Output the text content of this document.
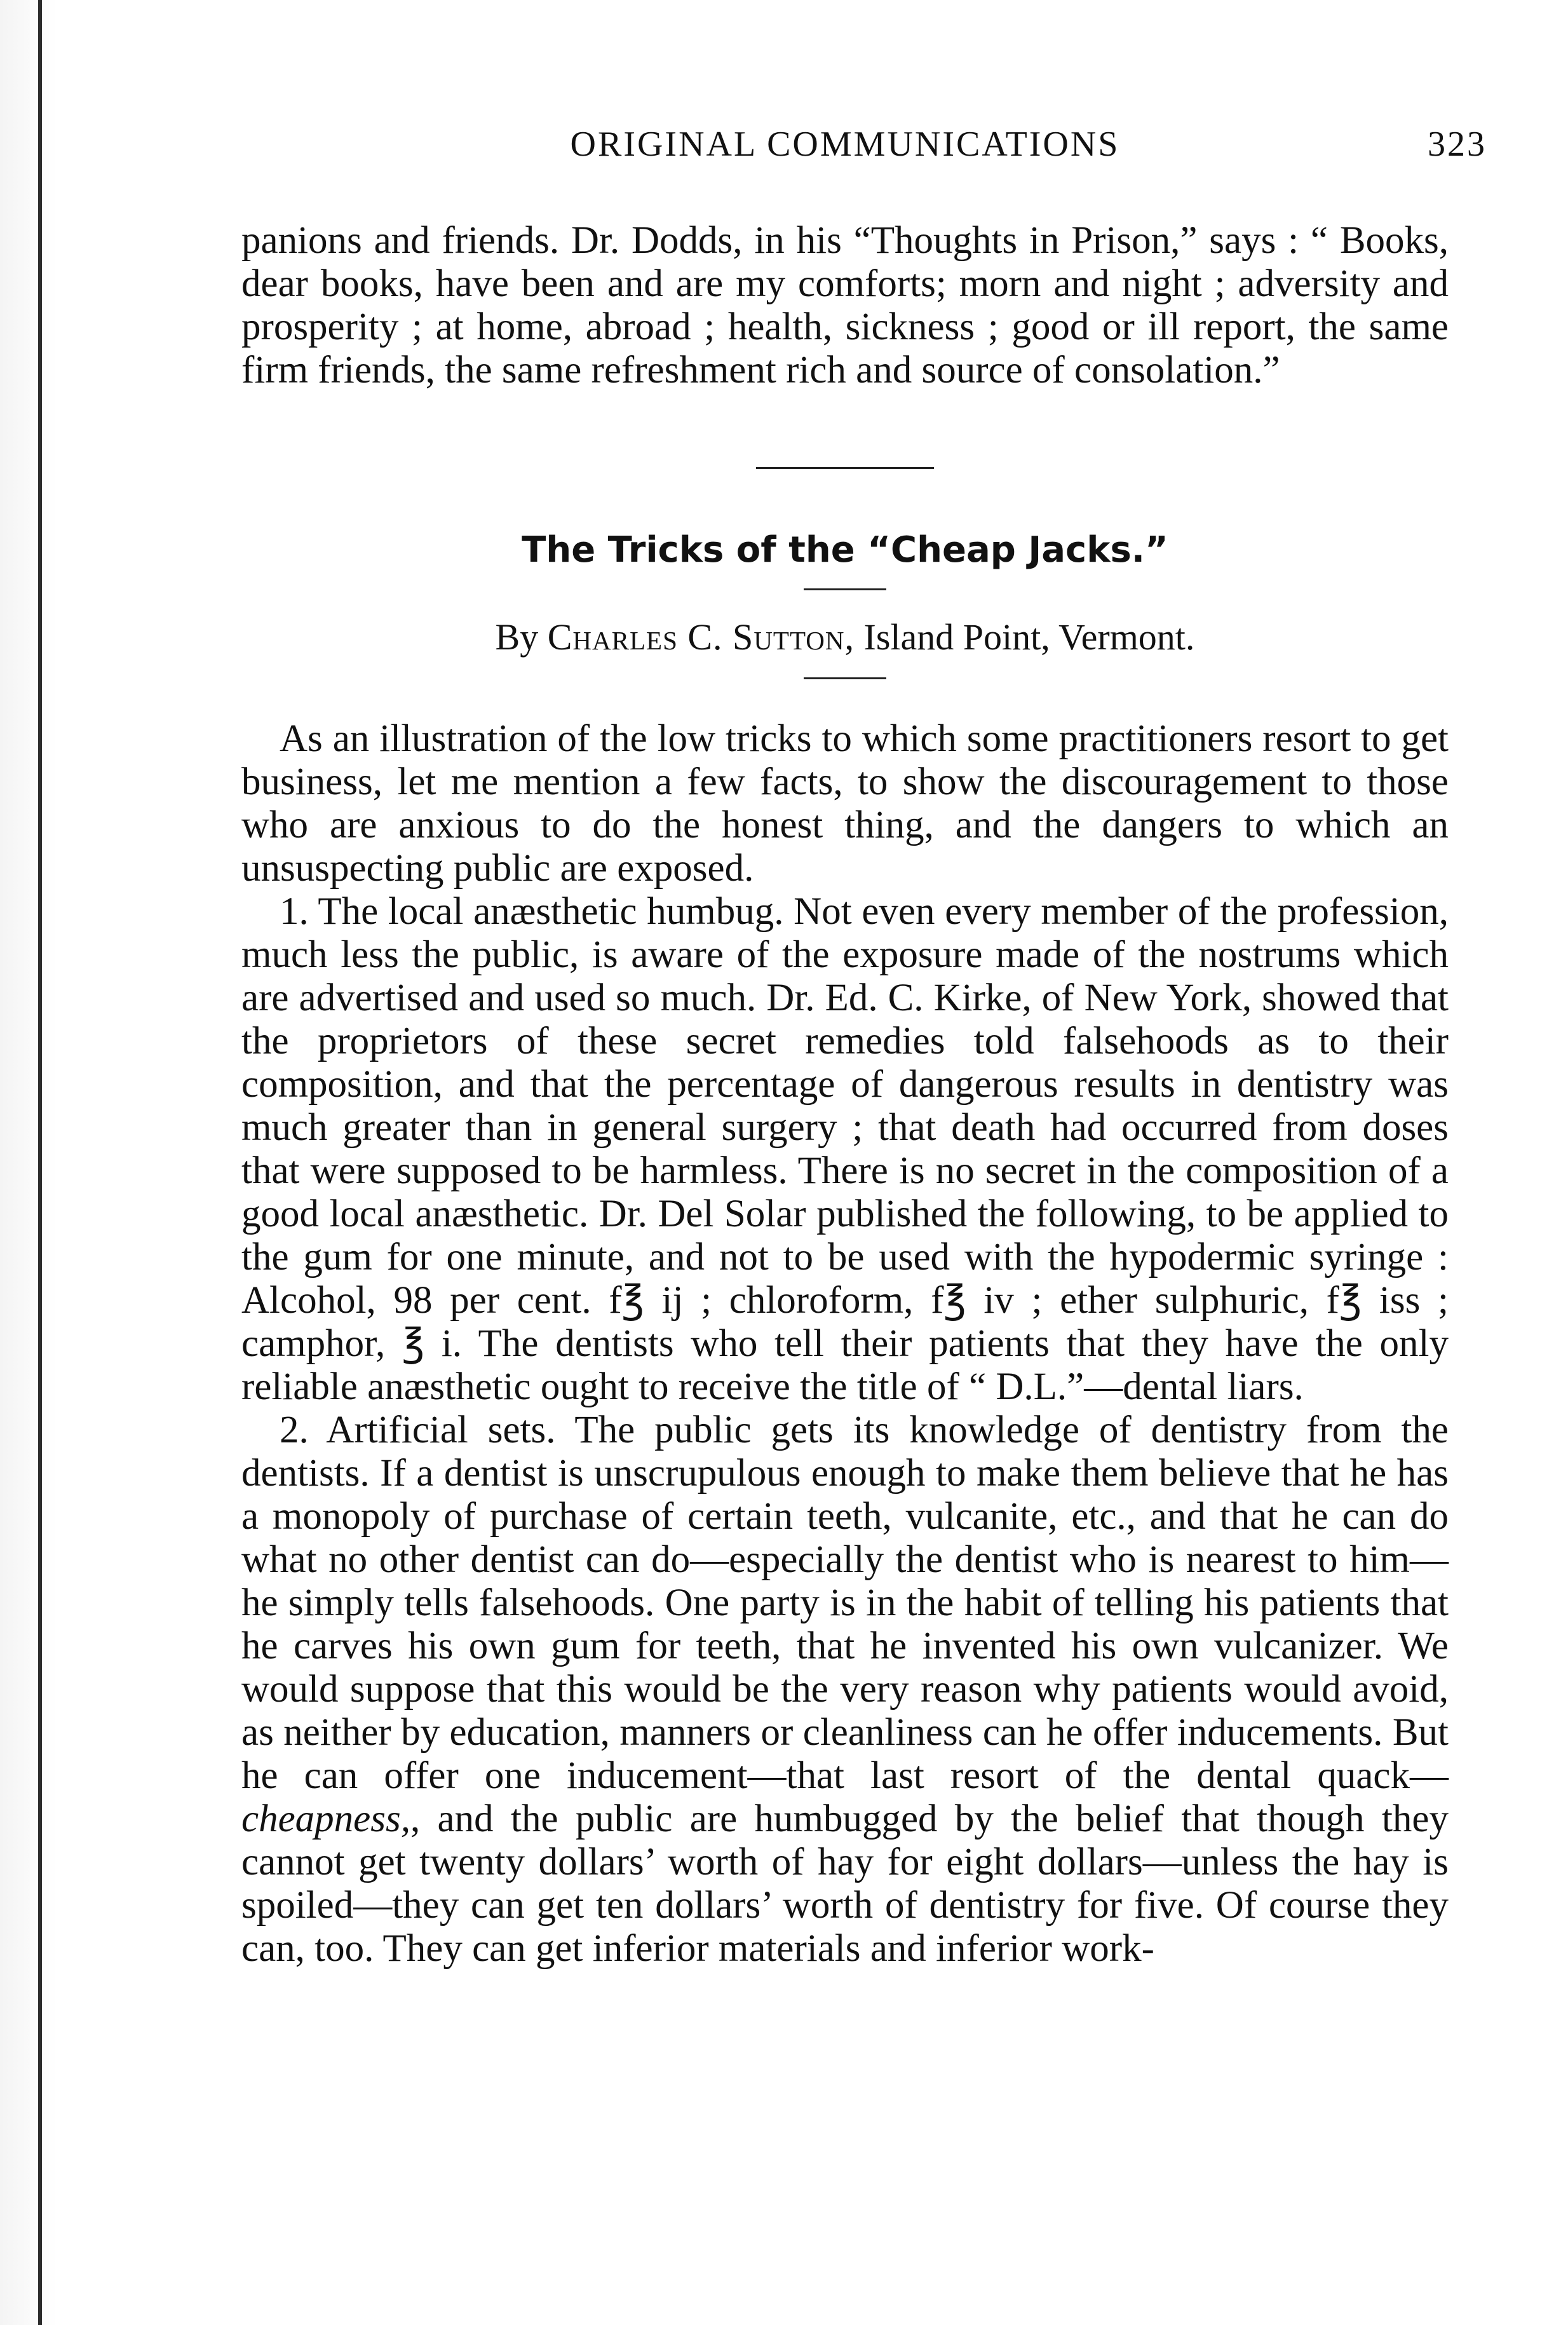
ORIGINAL COMMUNICATIONS	323

panions and friends. Dr. Dodds, in his “Thoughts in Prison,” says : “ Books, dear books, have been and are my comforts; morn and night ; adversity and prosperity ; at home, abroad ; health, sickness ; good or ill report, the same firm friends, the same refreshment rich and source of consolation.”

The Tricks of the “Cheap Jacks.”
By Charles C. Sutton, Island Point, Vermont.

As an illustration of the low tricks to which some practitioners resort to get business, let me mention a few facts, to show the discouragement to those who are anxious to do the honest thing, and the dangers to which an unsuspecting public are exposed.

1. The local anæsthetic humbug. Not even every member of the profession, much less the public, is aware of the exposure made of the nostrums which are advertised and used so much. Dr. Ed. C. Kirke, of New York, showed that the proprietors of these secret remedies told falsehoods as to their composition, and that the percentage of dangerous results in dentistry was much greater than in general surgery ; that death had occurred from doses that were supposed to be harmless. There is no secret in the composition of a good local anæsthetic. Dr. Del Solar published the following, to be applied to the gum for one minute, and not to be used with the hypodermic syringe : Alcohol, 98 per cent. f℥ ij ; chloroform, f℥ iv ; ether sulphuric, f℥ iss ; camphor, ℥ i. The dentists who tell their patients that they have the only reliable anæsthetic ought to receive the title of “ D.L.”—dental liars.

2. Artificial sets. The public gets its knowledge of dentistry from the dentists. If a dentist is unscrupulous enough to make them believe that he has a monopoly of purchase of certain teeth, vulcanite, etc., and that he can do what no other dentist can do—especially the dentist who is nearest to him—he simply tells falsehoods. One party is in the habit of telling his patients that he carves his own gum for teeth, that he invented his own vulcanizer. We would suppose that this would be the very reason why patients would avoid, as neither by education, manners or cleanliness can he offer inducements. But he can offer one inducement—that last resort of the dental quack—cheapness,, and the public are humbugged by the belief that though they cannot get twenty dollars’ worth of hay for eight dollars—unless the hay is spoiled—they can get ten dollars’ worth of dentistry for five. Of course they can, too. They can get inferior materials and inferior work-
